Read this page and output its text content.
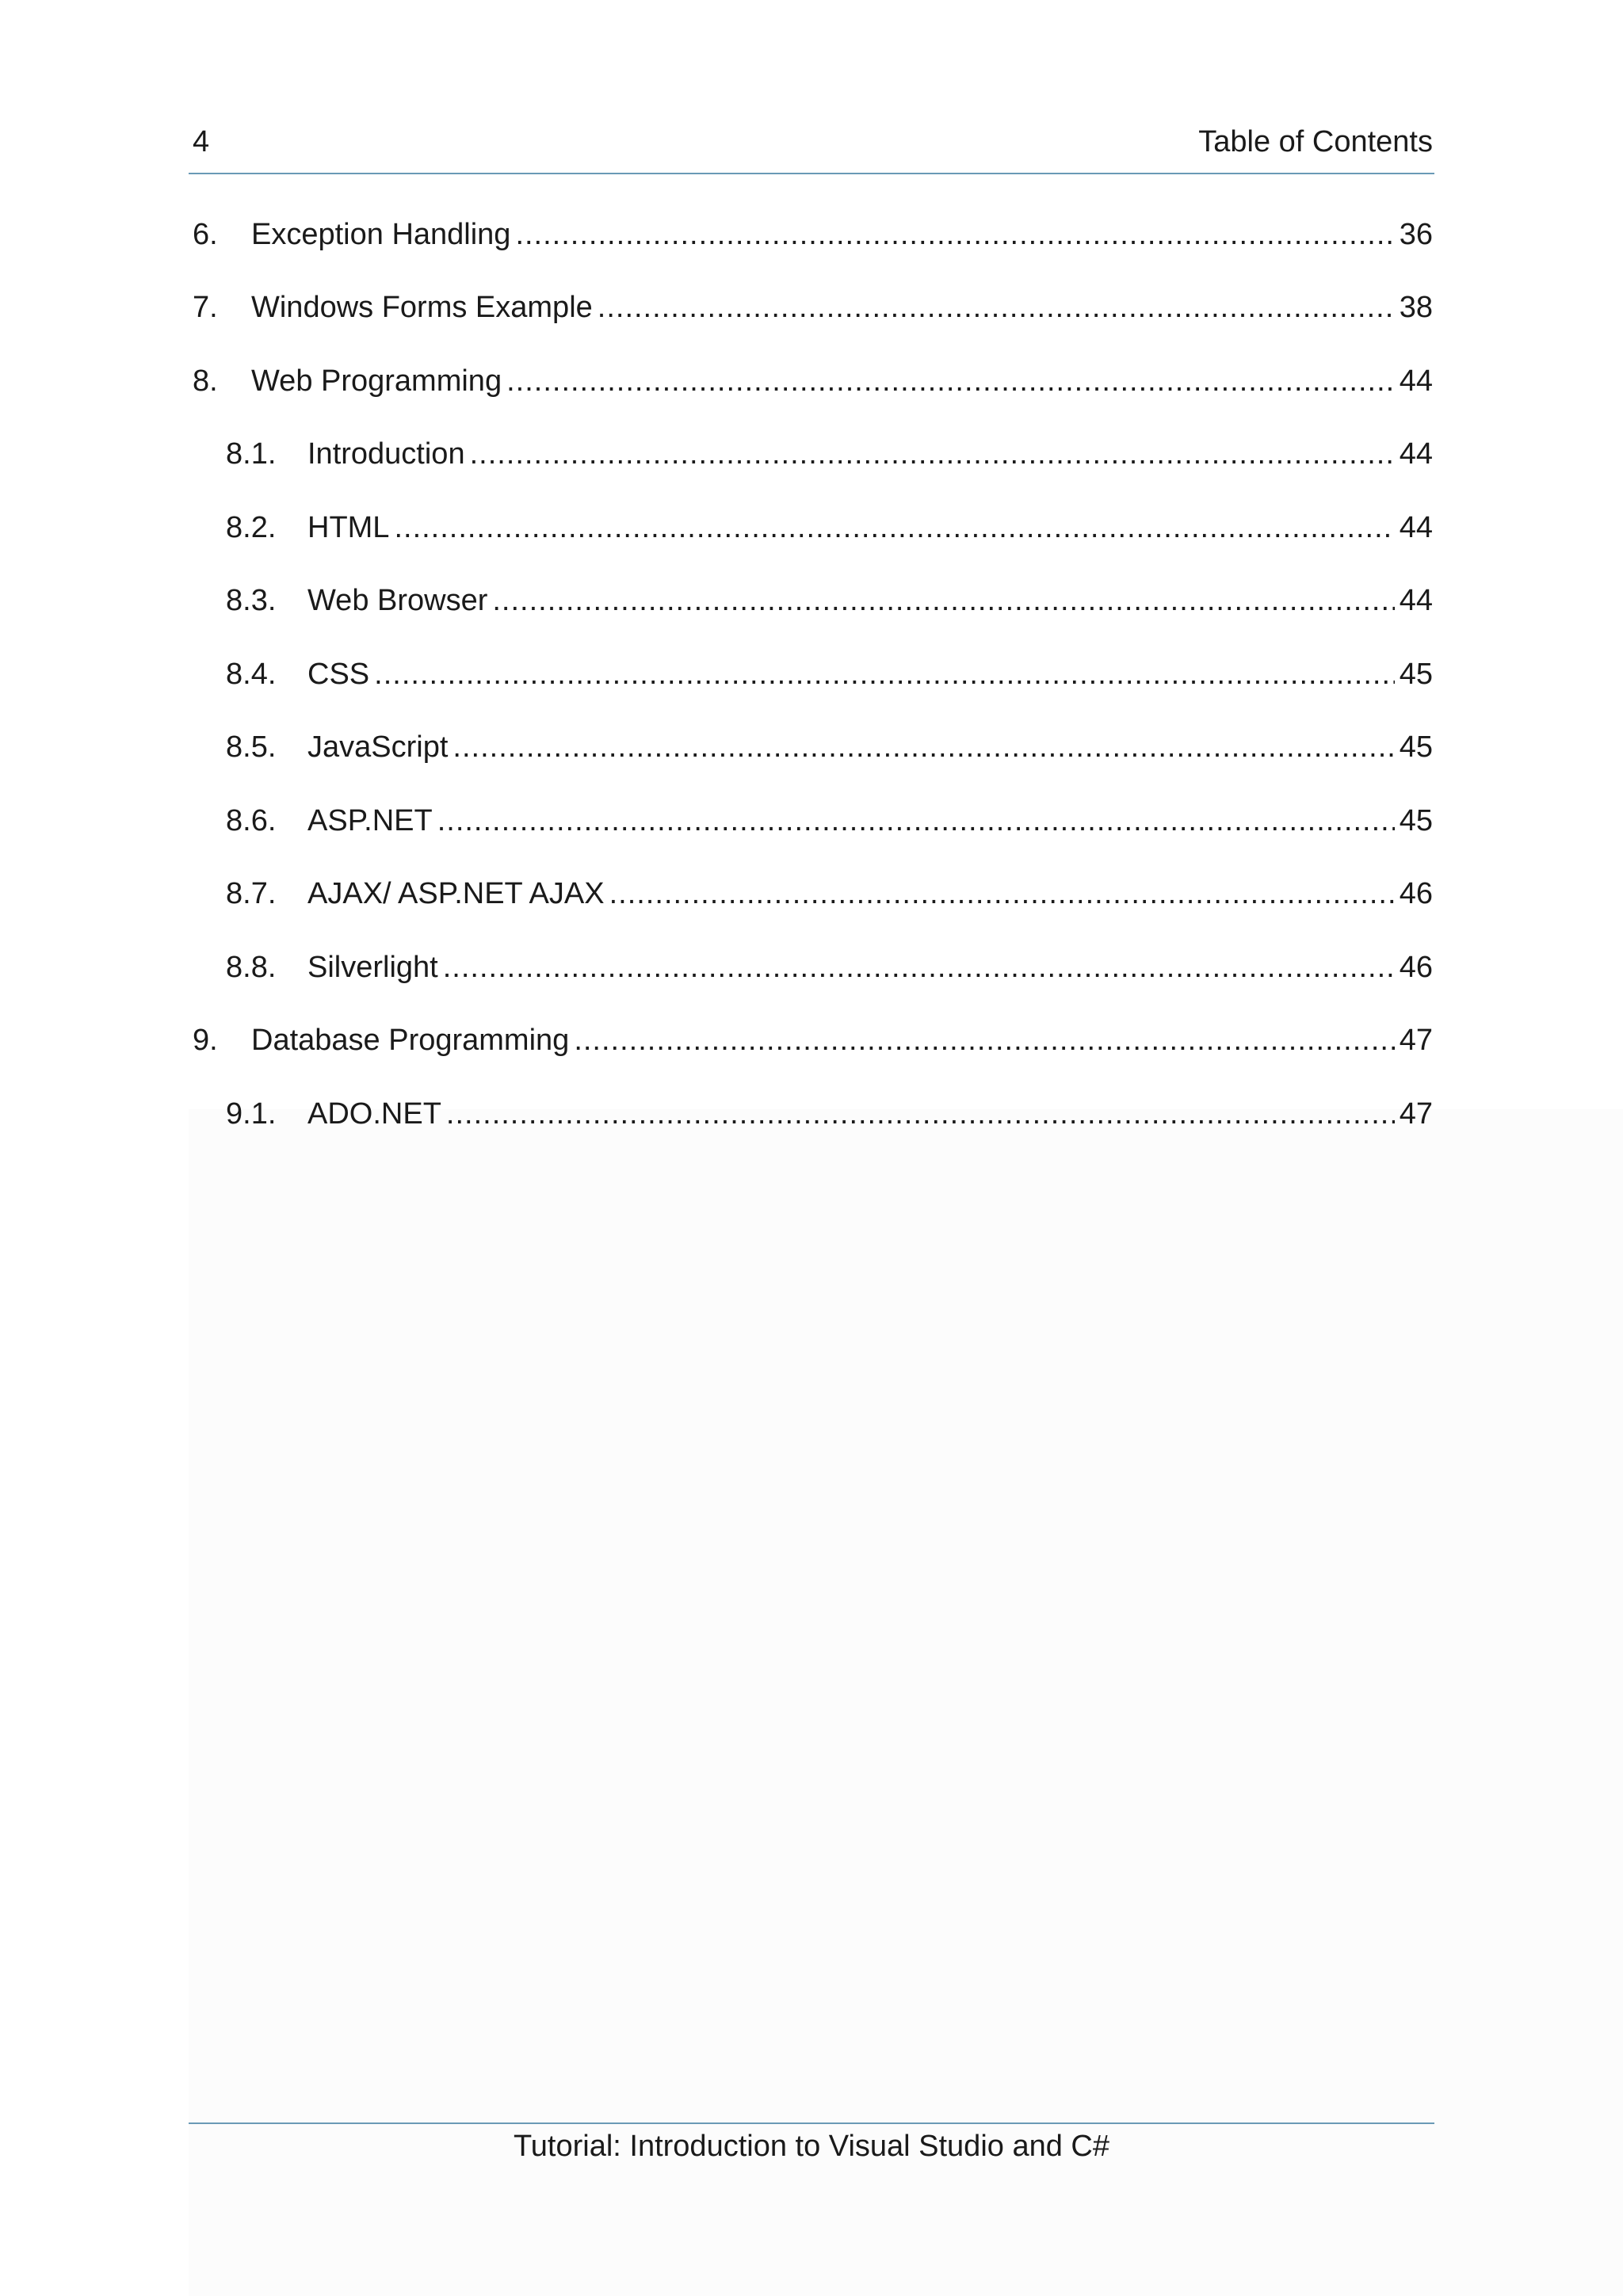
4	Table of Contents
6.	Exception Handling .....	36
7.	Windows Forms Example .....	38
8.	Web Programming .....	44
8.1.	Introduction .....	44
8.2.	HTML .....	44
8.3.	Web Browser .....	44
8.4.	CSS .....	45
8.5.	JavaScript .....	45
8.6.	ASP.NET .....	45
8.7.	AJAX/ ASP.NET AJAX .....	46
8.8.	Silverlight .....	46
9.	Database Programming .....	47
9.1.	ADO.NET .....	47
Tutorial: Introduction to Visual Studio and C#
